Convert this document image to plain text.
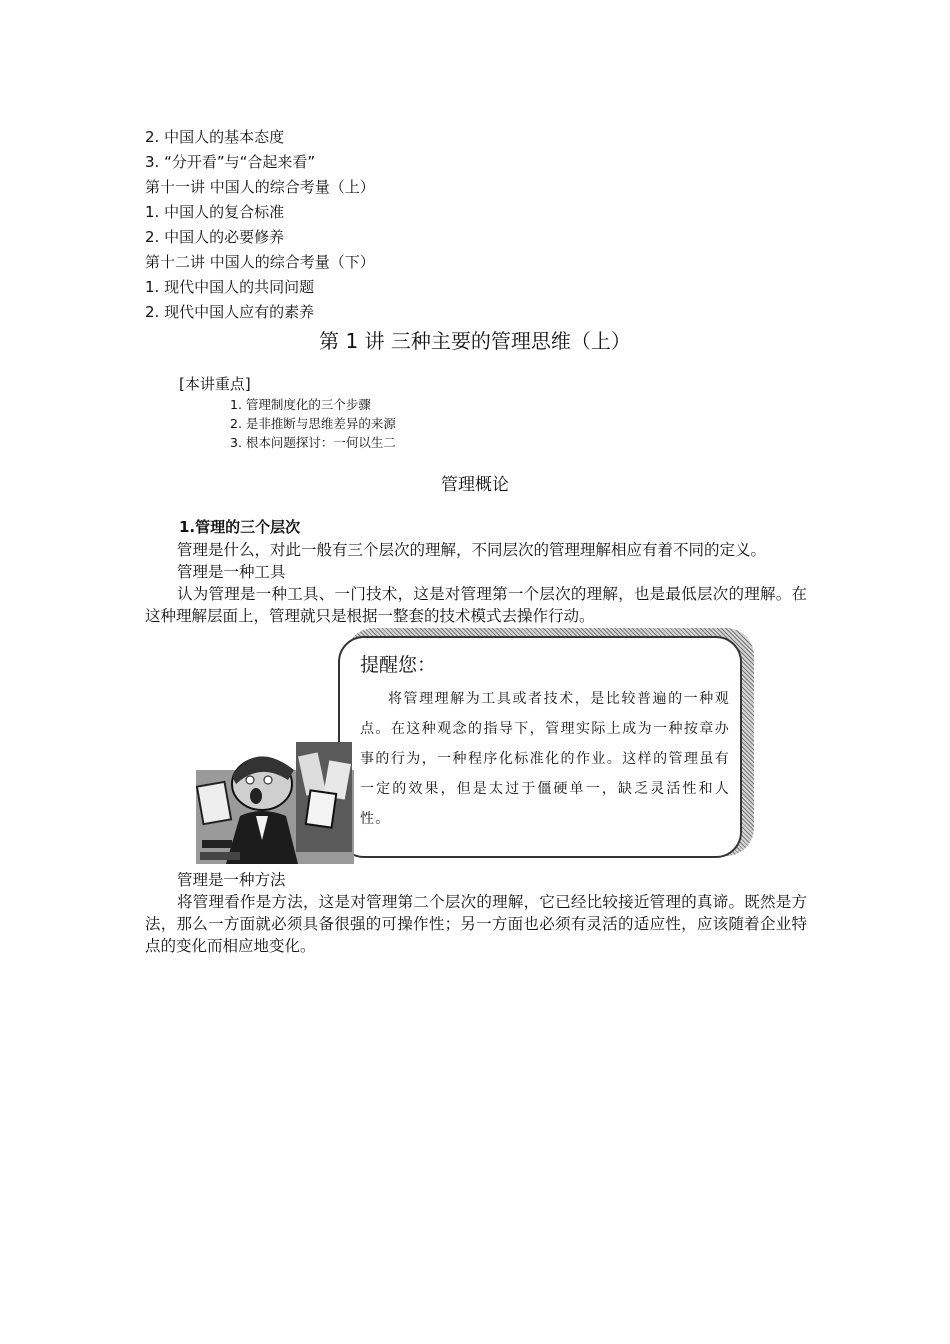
2. 中国人的基本态度
3. “分开看”与“合起来看”
第十一讲 中国人的综合考量（上）
1. 中国人的复合标准
2. 中国人的必要修养
第十二讲 中国人的综合考量（下）
1. 现代中国人的共同问题
2. 现代中国人应有的素养
第 1 讲 三种主要的管理思维（上）
[本讲重点]
1. 管理制度化的三个步骤
2. 是非推断与思维差异的来源
3. 根本问题探讨：一何以生二
管理概论
1.管理的三个层次
管理是什么，对此一般有三个层次的理解，不同层次的管理理解相应有着不同的定义。
管理是一种工具
认为管理是一种工具、一门技术，这是对管理第一个层次的理解，也是最低层次的理解。在这种理解层面上，管理就只是根据一整套的技术模式去操作行动。
提醒您：
将管理理解为工具或者技术，是比较普遍的一种观点。在这种观念的指导下，管理实际上成为一种按章办事的行为，一种程序化标准化的作业。这样的管理虽有一定的效果，但是太过于僵硬单一，缺乏灵活性和人性。
管理是一种方法
将管理看作是方法，这是对管理第二个层次的理解，它已经比较接近管理的真谛。既然是方法，那么一方面就必须具备很强的可操作性；另一方面也必须有灵活的适应性，应该随着企业特点的变化而相应地变化。
